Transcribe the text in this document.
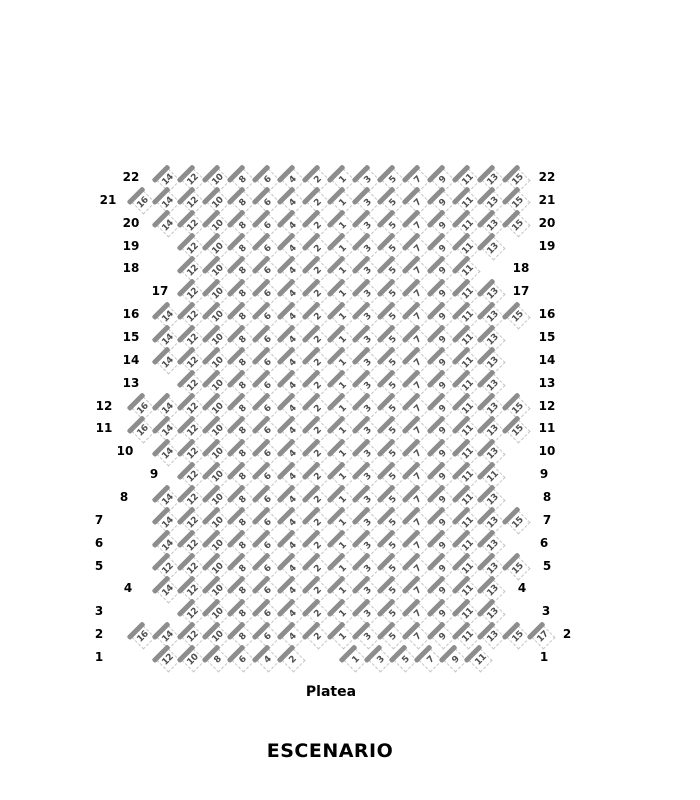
22	14	12	10	8	6	4	2	1	3	5	7	9	11	13	15	22
21	16	14	12	10	8	6	4	2	1	3	5	7	9	11	13	15	21
20	14	12	10	8	6	4	2	1	3	5	7	9	11	13	15	20
19	12	10	8	6	4	2	1	3	5	7	9	11	13	19
18	12	10	8	6	4	2	1	3	5	7	9	11	18
17	12	10	8	6	4	2	1	3	5	7	9	11	13	17
16	14	12	10	8	6	4	2	1	3	5	7	9	11	13	15	16
15	14	12	10	8	6	4	2	1	3	5	7	9	11	13	15
14	14	12	10	8	6	4	2	1	3	5	7	9	11	13	14
13	12	10	8	6	4	2	1	3	5	7	9	11	13	13
12	16	14	12	10	8	6	4	2	1	3	5	7	9	11	13	15	12
11	16	14	12	10	8	6	4	2	1	3	5	7	9	11	13	15	11
10	14	12	10	8	6	4	2	1	3	5	7	9	11	13	10
9	12	10	8	6	4	2	1	3	5	7	9	11	11	9
8	14	12	10	8	6	4	2	1	3	5	7	9	11	13	8
7	14	12	10	8	6	4	2	1	3	5	7	9	11	13	15	7
6	14	12	10	8	6	4	2	1	3	5	7	9	11	13	6
5	12	12	10	8	6	4	2	1	3	5	7	9	11	13	15	5
4	14	12	10	8	6	4	2	1	3	5	7	9	11	13	4
3	12	10	8	6	4	2	1	3	5	7	9	11	13	3
2	16	14	12	10	8	6	4	2	1	3	5	7	9	11	13	15	17	2
1	12	10	8	6	4	2	1	3	5	7	9	11	1
Platea
ESCENARIO
